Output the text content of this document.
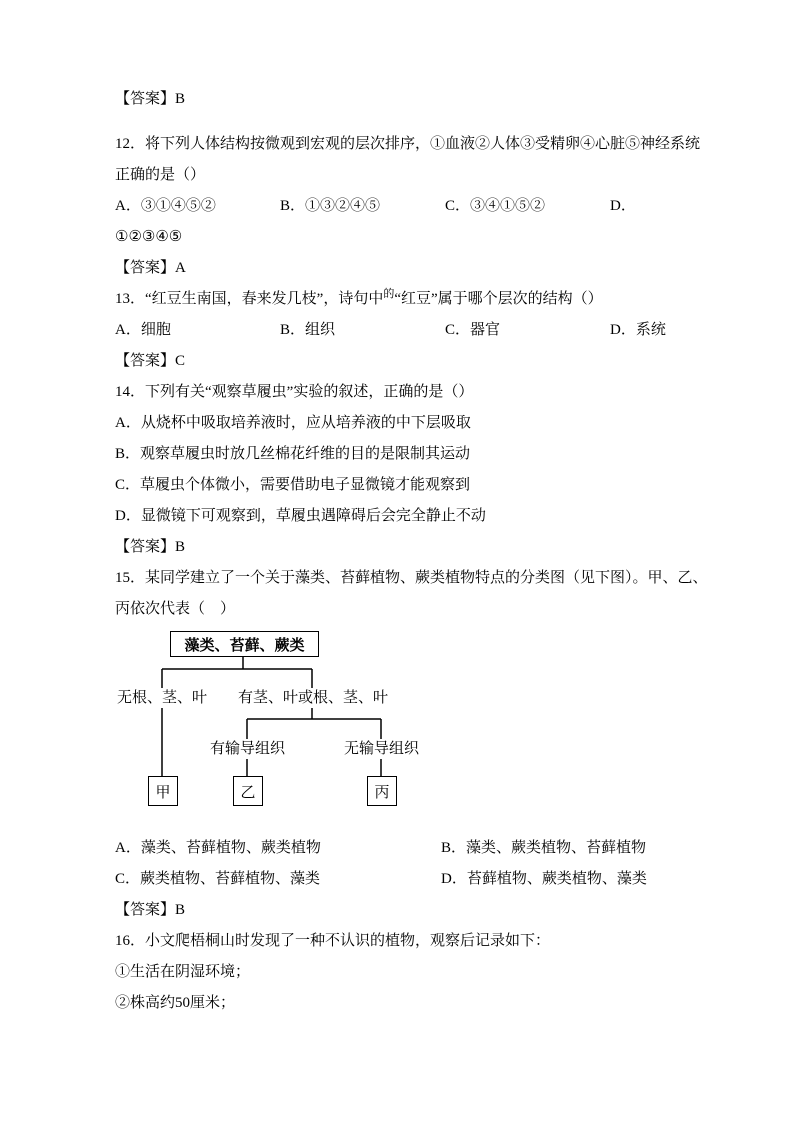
【答案】B
12．将下列人体结构按微观到宏观的层次排序，①血液②人体③受精卵④心脏⑤神经系统
正确的是（）
A．③①④⑤②	B．①③②④⑤	C．③④①⑤②	D．
①②③④⑤
【答案】A
13．“红豆生南国，春来发几枝”，诗句中$^的$“红豆”属于哪个层次的结构（）
A．细胞	B．组织	C．器官	D．系统
【答案】C
14．下列有关“观察草履虫”实验的叙述，正确的是（）
A．从烧杯中吸取培养液时，应从培养液的中下层吸取
B．观察草履虫时放几丝棉花纤维的目的是限制其运动
C．草履虫个体微小，需要借助电子显微镜才能观察到
D．显微镜下可观察到，草履虫遇障碍后会完全静止不动
【答案】B
15．某同学建立了一个关于藻类、苔藓植物、蕨类植物特点的分类图（见下图）。甲、乙、
丙依次代表（　）
藻类、苔藓、蕨类
无根、茎、叶 有茎、叶或根、茎、叶
有输导组织	无输导组织
甲	乙	丙
A．藻类、苔藓植物、蕨类植物	B．藻类、蕨类植物、苔藓植物
C．蕨类植物、苔藓植物、藻类	D．苔藓植物、蕨类植物、藻类
【答案】B
16．小文爬梧桐山时发现了一种不认识的植物，观察后记录如下：
①生活在阴湿环境；
②株高约50厘米；
